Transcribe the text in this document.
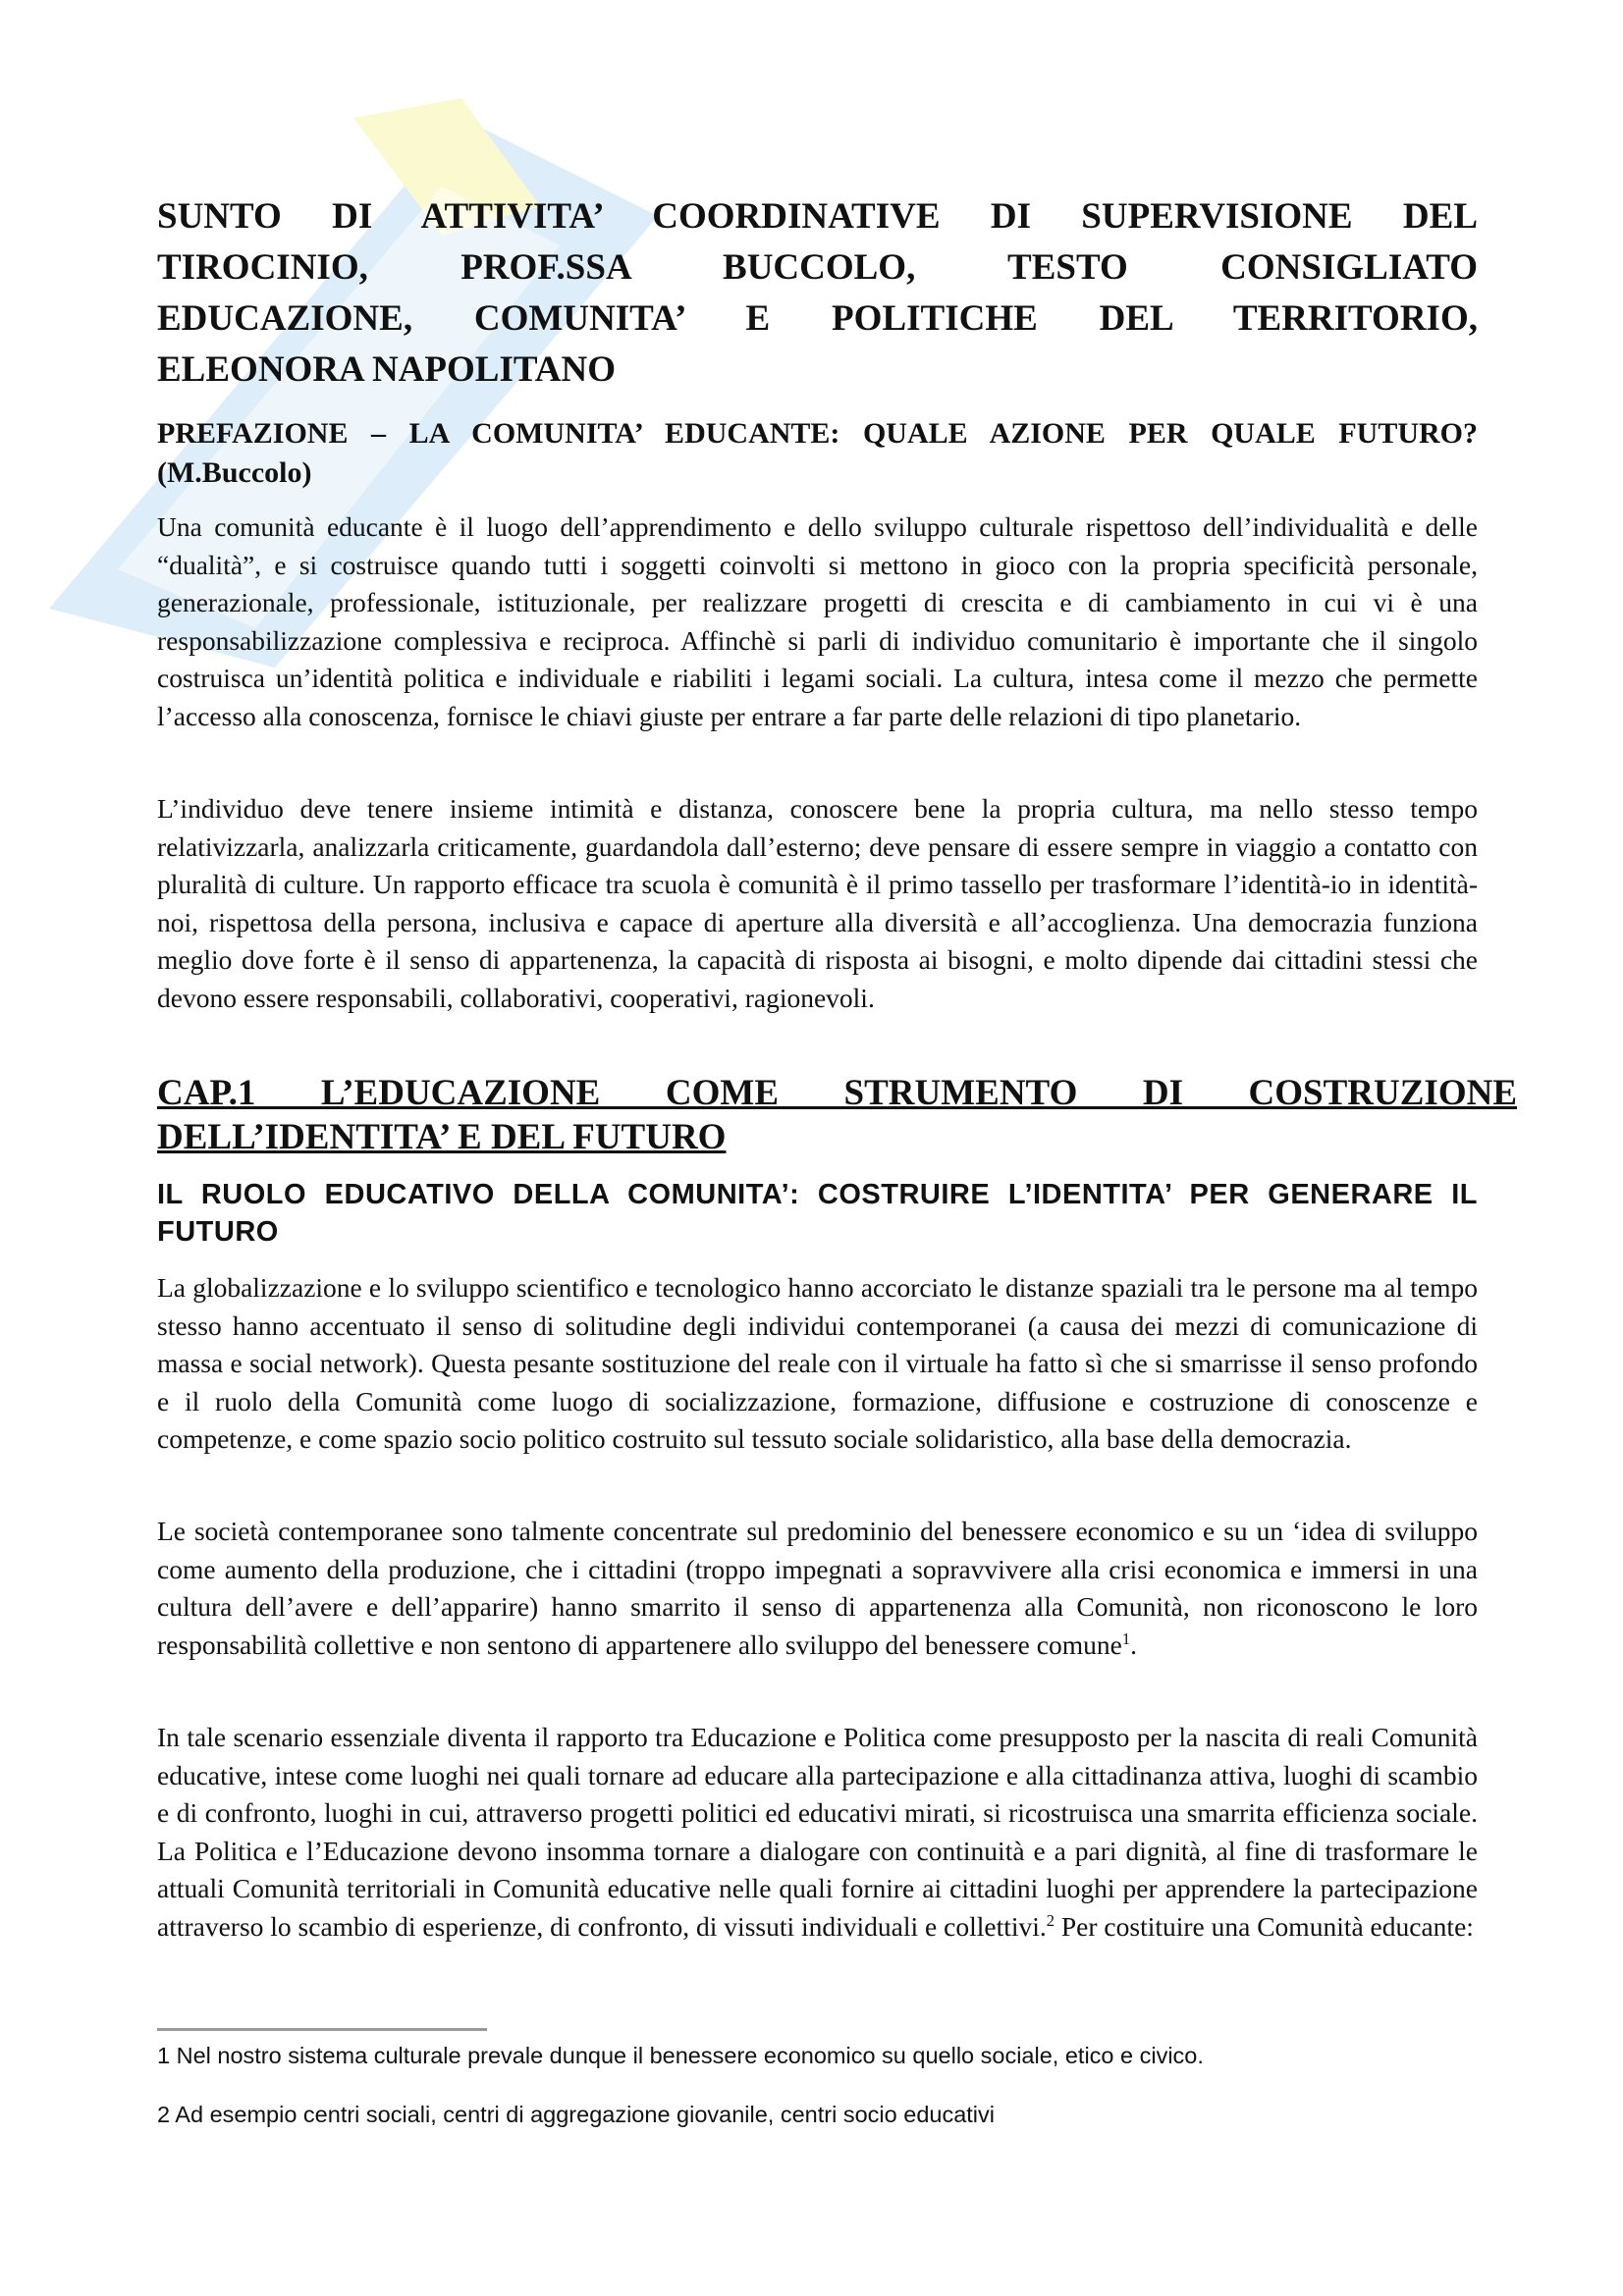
SUNTO DI ATTIVITA’ COORDINATIVE DI SUPERVISIONE DEL
TIROCINIO, PROF.SSA BUCCOLO, TESTO CONSIGLIATO
EDUCAZIONE, COMUNITA’ E POLITICHE DEL TERRITORIO,
ELEONORA NAPOLITANO
PREFAZIONE – LA COMUNITA’ EDUCANTE: QUALE AZIONE PER QUALE FUTURO? (M.Buccolo)

Una comunità educante è il luogo dell’apprendimento e dello sviluppo culturale rispettoso dell’individualità e delle “dualità”, e si costruisce quando tutti i soggetti coinvolti si mettono in gioco con la propria specificità personale, generazionale, professionale, istituzionale, per realizzare progetti di crescita e di cambiamento in cui vi è una responsabilizzazione complessiva e reciproca. Affinchè si parli di individuo comunitario è importante che il singolo costruisca un’identità politica e individuale e riabiliti i legami sociali. La cultura, intesa come il mezzo che permette l’accesso alla conoscenza, fornisce le chiavi giuste per entrare a far parte delle relazioni di tipo planetario.

L’individuo deve tenere insieme intimità e distanza, conoscere bene la propria cultura, ma nello stesso tempo relativizzarla, analizzarla criticamente, guardandola dall’esterno; deve pensare di essere sempre in viaggio a contatto con pluralità di culture. Un rapporto efficace tra scuola è comunità è il primo tassello per trasformare l’identità-io in identità-noi, rispettosa della persona, inclusiva e capace di aperture alla diversità e all’accoglienza. Una democrazia funziona meglio dove forte è il senso di appartenenza, la capacità di risposta ai bisogni, e molto dipende dai cittadini stessi che devono essere responsabili, collaborativi, cooperativi, ragionevoli.

CAP.1 L’EDUCAZIONE COME STRUMENTO DI COSTRUZIONE DELL’IDENTITA’ E DEL FUTURO
IL RUOLO EDUCATIVO DELLA COMUNITA’: COSTRUIRE L’IDENTITA’ PER GENERARE IL FUTURO

La globalizzazione e lo sviluppo scientifico e tecnologico hanno accorciato le distanze spaziali tra le persone ma al tempo stesso hanno accentuato il senso di solitudine degli individui contemporanei (a causa dei mezzi di comunicazione di massa e social network). Questa pesante sostituzione del reale con il virtuale ha fatto sì che si smarrisse il senso profondo e il ruolo della Comunità come luogo di socializzazione, formazione, diffusione e costruzione di conoscenze e competenze, e come spazio socio politico costruito sul tessuto sociale solidaristico, alla base della democrazia.

Le società contemporanee sono talmente concentrate sul predominio del benessere economico e su un ‘idea di sviluppo come aumento della produzione, che i cittadini (troppo impegnati a sopravvivere alla crisi economica e immersi in una cultura dell’avere e dell’apparire) hanno smarrito il senso di appartenenza alla Comunità, non riconoscono le loro responsabilità collettive e non sentono di appartenere allo sviluppo del benessere comune$^1$.

In tale scenario essenziale diventa il rapporto tra Educazione e Politica come presupposto per la nascita di reali Comunità educative, intese come luoghi nei quali tornare ad educare alla partecipazione e alla cittadinanza attiva, luoghi di scambio e di confronto, luoghi in cui, attraverso progetti politici ed educativi mirati, si ricostruisca una smarrita efficienza sociale. La Politica e l’Educazione devono insomma tornare a dialogare con continuità e a pari dignità, al fine di trasformare le attuali Comunità territoriali in Comunità educative nelle quali fornire ai cittadini luoghi per apprendere la partecipazione attraverso lo scambio di esperienze, di confronto, di vissuti individuali e collettivi.$^2$ Per costituire una Comunità educante:

1 Nel nostro sistema culturale prevale dunque il benessere economico su quello sociale, etico e civico.
2 Ad esempio centri sociali, centri di aggregazione giovanile, centri socio educativi
